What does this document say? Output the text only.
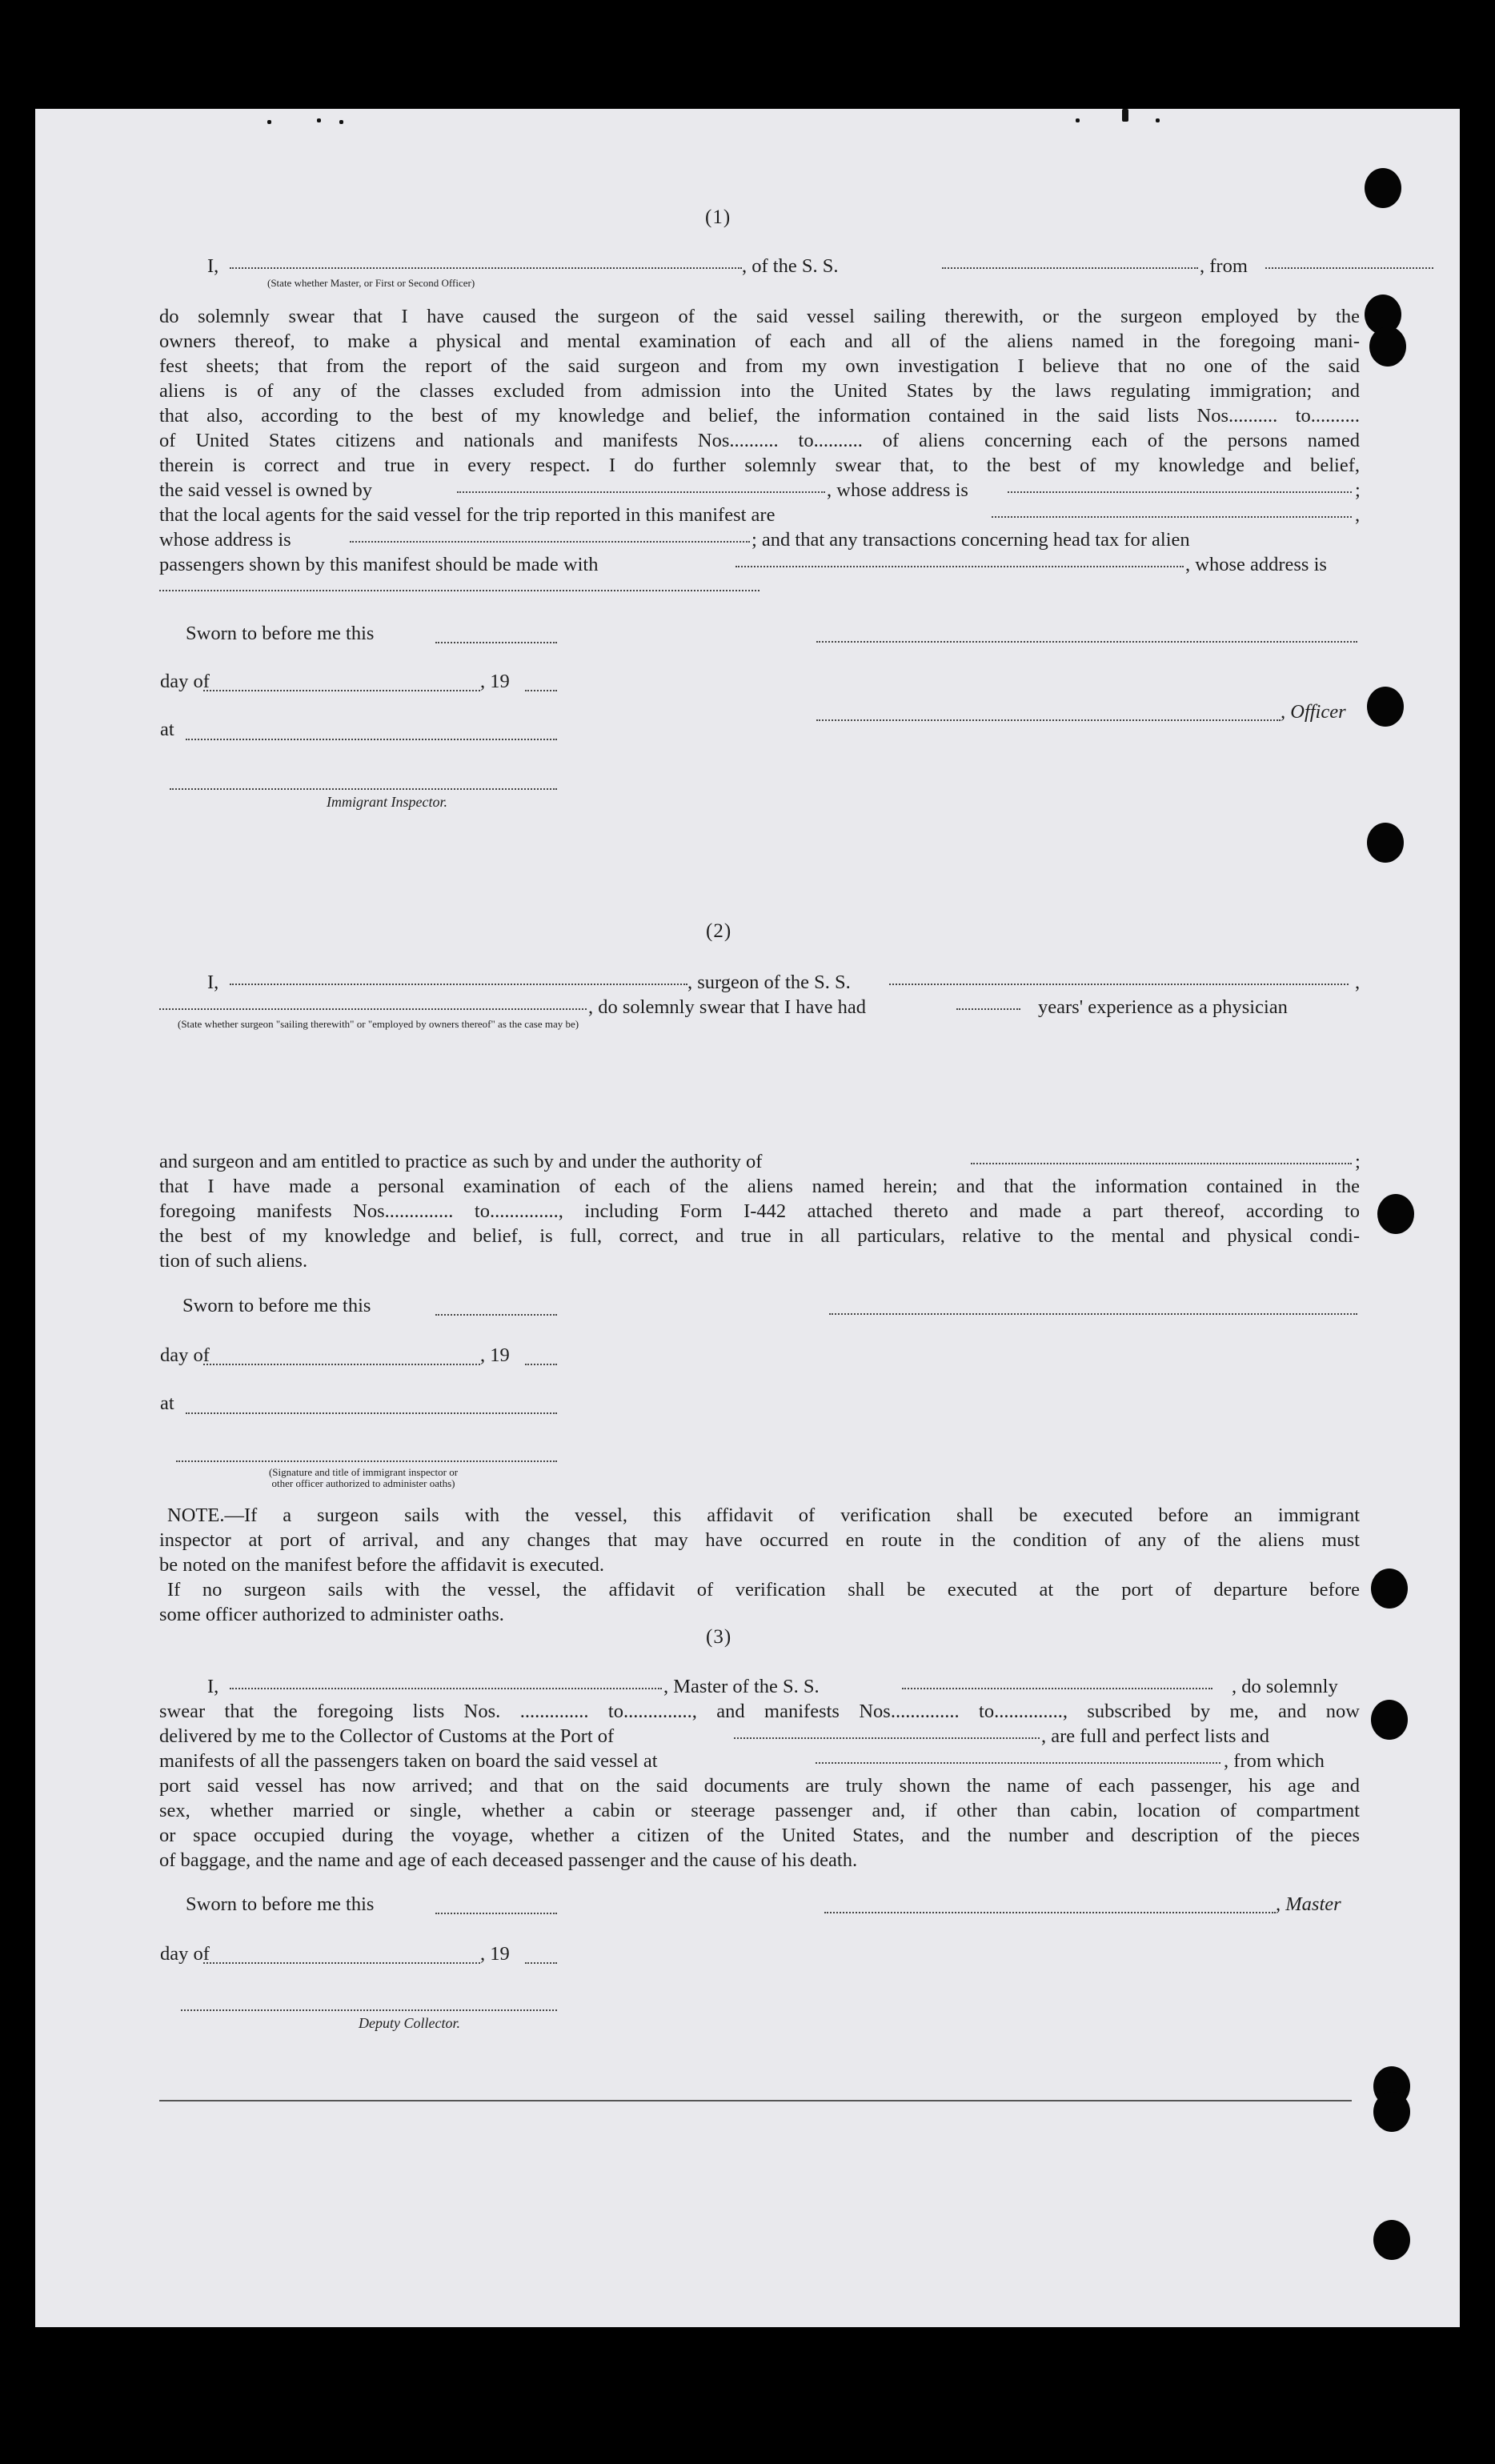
(1)
I,	, of the S. S.	, from
(State whether Master, or First or Second Officer)
do solemnly swear that I have caused the surgeon of the said vessel sailing therewith, or the surgeon employed by the
owners thereof, to make a physical and mental examination of each and all of the aliens named in the foregoing mani-
fest sheets; that from the report of the said surgeon and from my own investigation I believe that no one of the said
aliens is of any of the classes excluded from admission into the United States by the laws regulating immigration; and
that also, according to the best of my knowledge and belief, the information contained in the said lists Nos.......... to..........
of United States citizens and nationals and manifests Nos.......... to.......... of aliens concerning each of the persons named
therein is correct and true in every respect. I do further solemnly swear that, to the best of my knowledge and belief,
the said vessel is owned by	, whose address is	;
that the local agents for the said vessel for the trip reported in this manifest are	,
whose address is	; and that any transactions concerning head tax for alien
passengers shown by this manifest should be made with	, whose address is
Sworn to before me this
day of	, 19
at
, Officer
Immigrant Inspector.
(2)
I,	, surgeon of the S. S.	,
, do solemnly swear that I have had	years' experience as a physician
(State whether surgeon "sailing therewith" or "employed by owners thereof" as the case may be)
and surgeon and am entitled to practice as such by and under the authority of	;
that I have made a personal examination of each of the aliens named herein; and that the information contained in the
foregoing manifests Nos.............. to.............., including Form I-442 attached thereto and made a part thereof, according to
the best of my knowledge and belief, is full, correct, and true in all particulars, relative to the mental and physical condi-
tion of such aliens.
Sworn to before me this
day of	, 19
at
(Signature and title of immigrant inspector or
other officer authorized to administer oaths)
NOTE.—If a surgeon sails with the vessel, this affidavit of verification shall be executed before an immigrant
inspector at port of arrival, and any changes that may have occurred en route in the condition of any of the aliens must
be noted on the manifest before the affidavit is executed.
If no surgeon sails with the vessel, the affidavit of verification shall be executed at the port of departure before
some officer authorized to administer oaths.
(3)
I,	, Master of the S. S.	, do solemnly
swear that the foregoing lists Nos. .............. to.............., and manifests Nos.............. to.............., subscribed by me, and now
delivered by me to the Collector of Customs at the Port of	, are full and perfect lists and
manifests of all the passengers taken on board the said vessel at	, from which
port said vessel has now arrived; and that on the said documents are truly shown the name of each passenger, his age and
sex, whether married or single, whether a cabin or steerage passenger and, if other than cabin, location of compartment
or space occupied during the voyage, whether a citizen of the United States, and the number and description of the pieces
of baggage, and the name and age of each deceased passenger and the cause of his death.
Sworn to before me this	, Master
day of	, 19
Deputy Collector.
